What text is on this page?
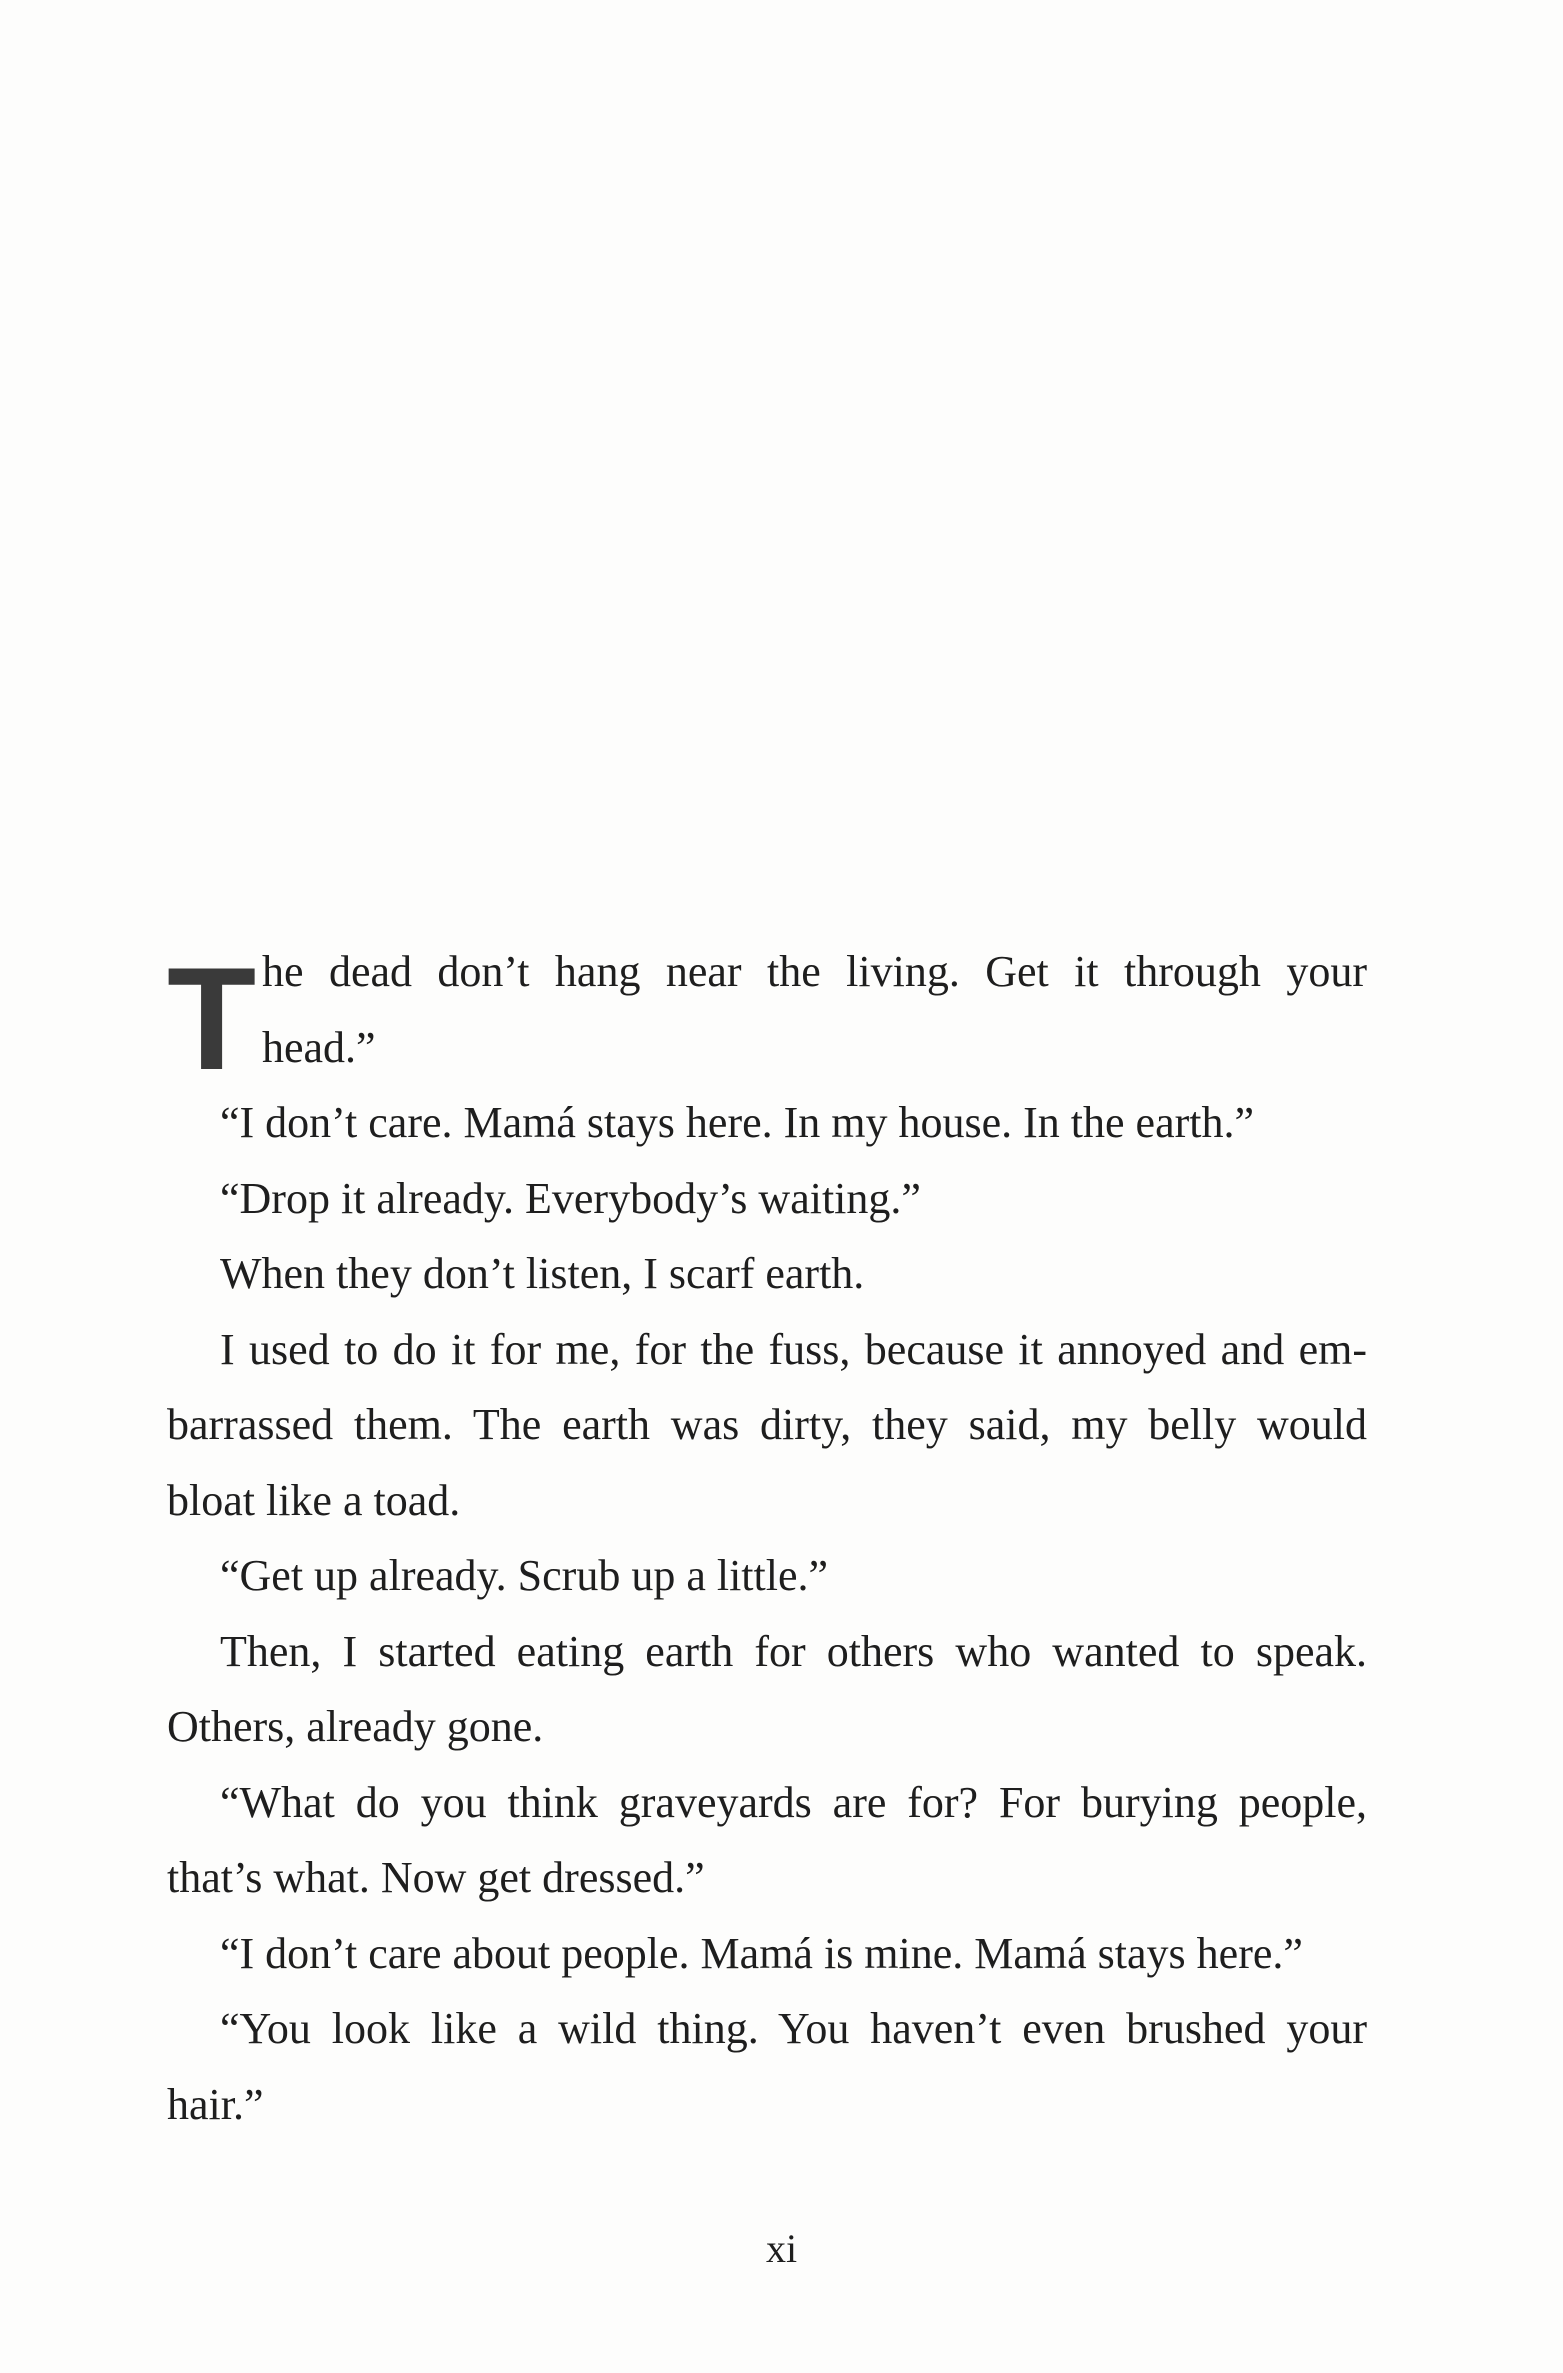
T he dead don’t hang near the living. Get it through your
head.”
“I don’t care. Mamá stays here. In my house. In the earth.”
“Drop it already. Everybody’s waiting.”
When they don’t listen, I scarf earth.
I used to do it for me, for the fuss, because it annoyed and em-
barrassed them. The earth was dirty, they said, my belly would
bloat like a toad.
“Get up already. Scrub up a little.”
Then, I started eating earth for others who wanted to speak.
Others, already gone.
“What do you think graveyards are for? For burying people,
that’s what. Now get dressed.”
“I don’t care about people. Mamá is mine. Mamá stays here.”
“You look like a wild thing. You haven’t even brushed your
hair.”
xi
